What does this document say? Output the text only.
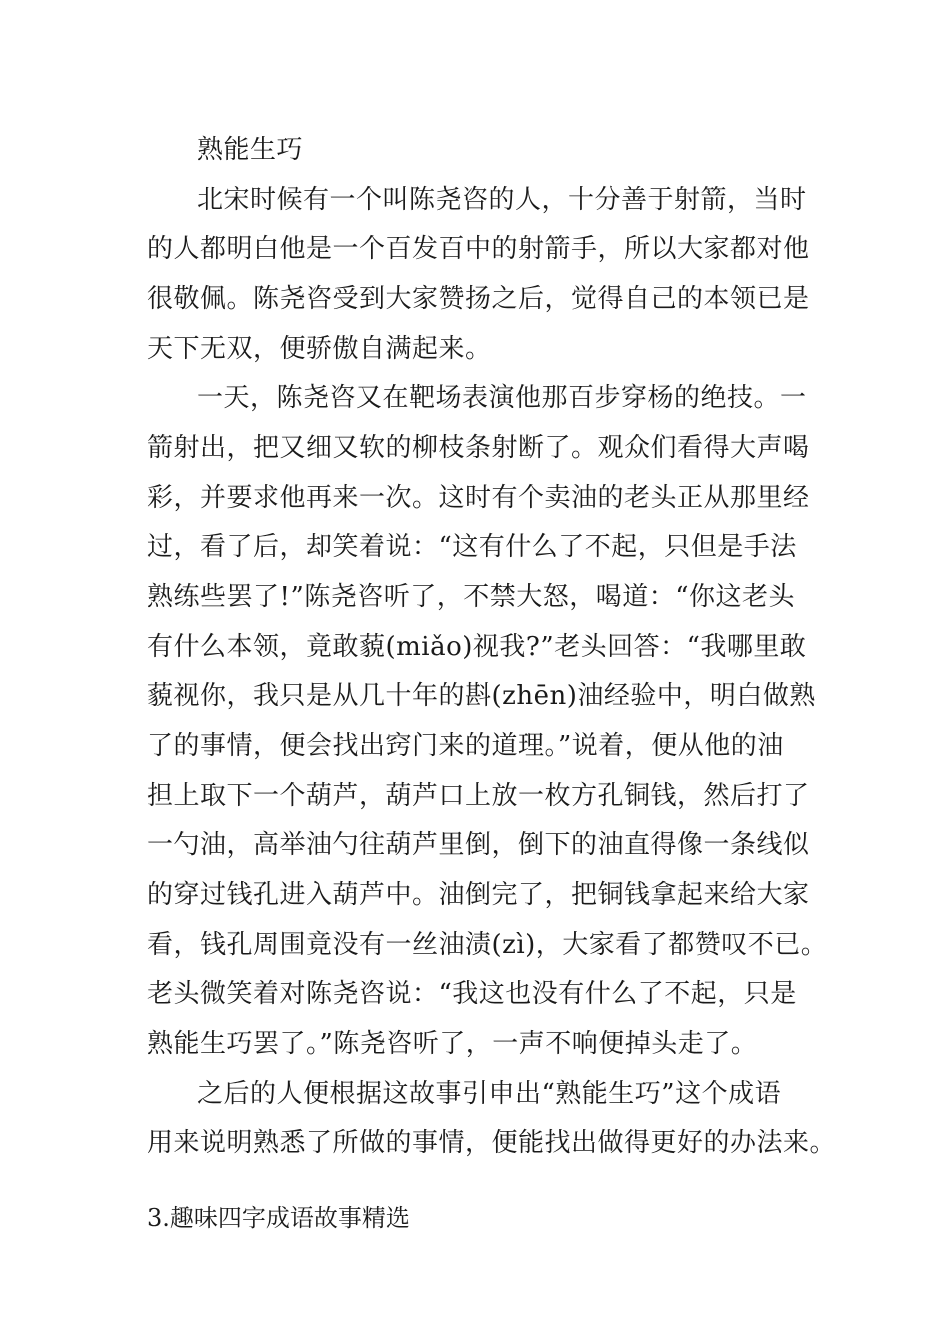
熟能生巧

北宋时候有一个叫陈尧咨的人，十分善于射箭，当时

的人都明白他是一个百发百中的射箭手，所以大家都对他

很敬佩。陈尧咨受到大家赞扬之后，觉得自己的本领已是

天下无双，便骄傲自满起来。

一天，陈尧咨又在靶场表演他那百步穿杨的绝技。一

箭射出，把又细又软的柳枝条射断了。观众们看得大声喝

彩，并要求他再来一次。这时有个卖油的老头正从那里经

过，看了后，却笑着说：“这有什么了不起，只但是手法

熟练些罢了!”陈尧咨听了，不禁大怒，喝道：“你这老头

有什么本领，竟敢藐(miǎo)视我?”老头回答：“我哪里敢

藐视你，我只是从几十年的斟(zhēn)油经验中，明白做熟

了的事情，便会找出窍门来的道理。”说着，便从他的油

担上取下一个葫芦，葫芦口上放一枚方孔铜钱，然后打了

一勺油，高举油勺往葫芦里倒，倒下的油直得像一条线似

的穿过钱孔进入葫芦中。油倒完了，把铜钱拿起来给大家

看，钱孔周围竟没有一丝油渍(zì)，大家看了都赞叹不已。

老头微笑着对陈尧咨说：“我这也没有什么了不起，只是

熟能生巧罢了。”陈尧咨听了，一声不响便掉头走了。

之后的人便根据这故事引申出“熟能生巧”这个成语

用来说明熟悉了所做的事情，便能找出做得更好的办法来。

3.趣味四字成语故事精选
